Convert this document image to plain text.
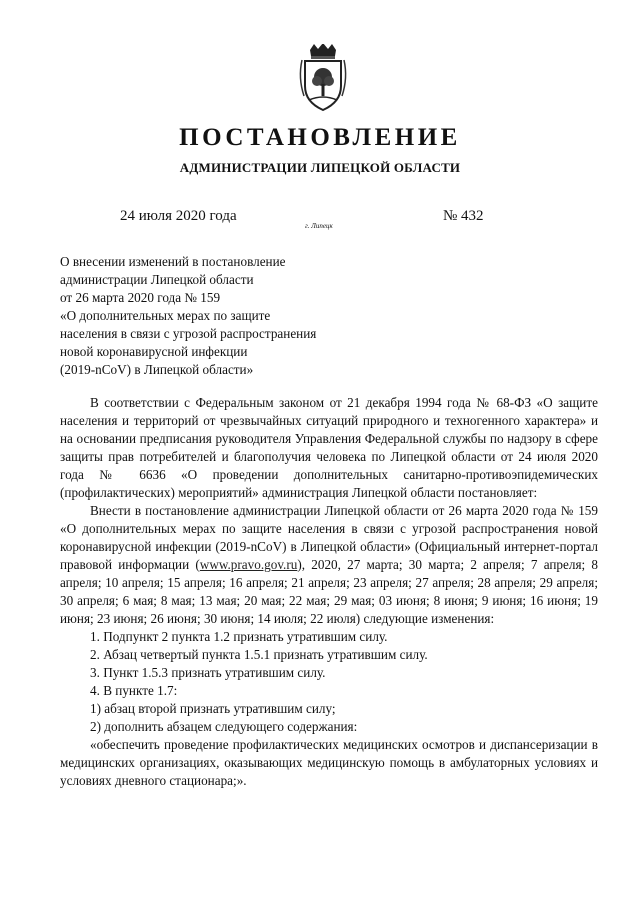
ПОСТАНОВЛЕНИЕ
АДМИНИСТРАЦИИ ЛИПЕЦКОЙ ОБЛАСТИ
24 июля 2020 года
г. Липецк
№ 432
О внесении изменений в постановление
администрации Липецкой области
от 26 марта 2020 года № 159
«О дополнительных мерах по защите
населения в связи с угрозой распространения
новой коронавирусной инфекции
(2019-nCoV) в Липецкой области»

В соответствии с Федеральным законом от 21 декабря 1994 года № 68-ФЗ «О защите населения и территорий от чрезвычайных ситуаций природного и техногенного характера» и на основании предписания руководителя Управления Федеральной службы по надзору в сфере защиты прав потребителей и благополучия человека по Липецкой области от 24 июля 2020 года № 6636 «О проведении дополнительных санитарно-противоэпидемических (профилактических) мероприятий» администрация Липецкой области постановляет:

Внести в постановление администрации Липецкой области от 26 марта 2020 года № 159 «О дополнительных мерах по защите населения в связи с угрозой распространения новой коронавирусной инфекции (2019-nCoV) в Липецкой области» (Официальный интернет-портал правовой информации (www.pravo.gov.ru), 2020, 27 марта; 30 марта; 2 апреля; 7 апреля; 8 апреля; 10 апреля; 15 апреля; 16 апреля; 21 апреля; 23 апреля; 27 апреля; 28 апреля; 29 апреля; 30 апреля; 6 мая; 8 мая; 13 мая; 20 мая; 22 мая; 29 мая; 03 июня; 8 июня; 9 июня; 16 июня; 19 июня; 23 июня; 26 июня; 30 июня; 14 июля; 22 июля) следующие изменения:

1. Подпункт 2 пункта 1.2 признать утратившим силу.

2. Абзац четвертый пункта 1.5.1 признать утратившим силу.

3. Пункт 1.5.3 признать утратившим силу.

4. В пункте 1.7:

1) абзац второй признать утратившим силу;

2) дополнить абзацем следующего содержания:

«обеспечить проведение профилактических медицинских осмотров и диспансеризации в медицинских организациях, оказывающих медицинскую помощь в амбулаторных условиях и условиях дневного стационара;».
